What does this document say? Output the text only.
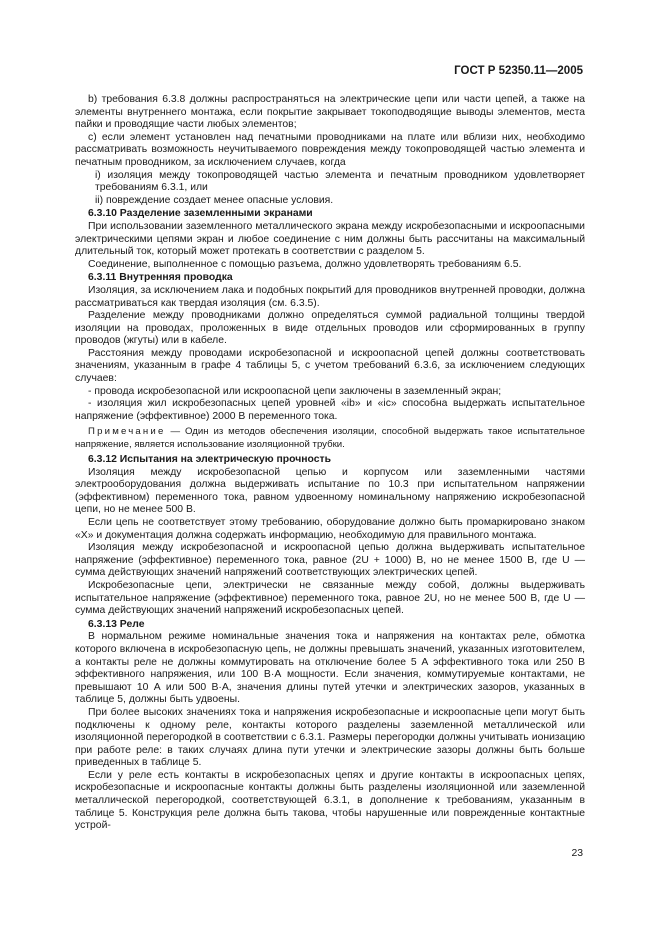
ГОСТ Р 52350.11—2005

b) требования 6.3.8 должны распространяться на электрические цепи или части цепей, а также на элементы внутреннего монтажа, если покрытие закрывает токоподводящие выводы элементов, места пайки и проводящие части любых элементов;

с) если элемент установлен над печатными проводниками на плате или вблизи них, необходимо рассматривать возможность неучитываемого повреждения между токопроводящей частью элемента и печатным проводником, за исключением случаев, когда

i) изоляция между токопроводящей частью элемента и печатным проводником удовлетворяет требованиям 6.3.1, или

ii) повреждение создает менее опасные условия.

6.3.10 Разделение заземленными экранами

При использовании заземленного металлического экрана между искробезопасными и искроопасными электрическими цепями экран и любое соединение с ним должны быть рассчитаны на максимальный длительный ток, который может протекать в соответствии с разделом 5.

Соединение, выполненное с помощью разъема, должно удовлетворять требованиям 6.5.

6.3.11 Внутренняя проводка

Изоляция, за исключением лака и подобных покрытий для проводников внутренней проводки, должна рассматриваться как твердая изоляция (см. 6.3.5).

Разделение между проводниками должно определяться суммой радиальной толщины твердой изоляции на проводах, проложенных в виде отдельных проводов или сформированных в группу проводов (жгуты) или в кабеле.

Расстояния между проводами искробезопасной и искроопасной цепей должны соответствовать значениям, указанным в графе 4 таблицы 5, с учетом требований 6.3.6, за исключением следующих случаев:

- провода искробезопасной или искроопасной цепи заключены в заземленный экран;

- изоляция жил искробезопасных цепей уровней «ib» и «ic» способна выдержать испытательное напряжение (эффективное) 2000 В переменного тока.

Примечание — Один из методов обеспечения изоляции, способной выдержать такое испытательное напряжение, является использование изоляционной трубки.

6.3.12 Испытания на электрическую прочность

Изоляция между искробезопасной цепью и корпусом или заземленными частями электрооборудования должна выдерживать испытание по 10.3 при испытательном напряжении (эффективном) переменного тока, равном удвоенному номинальному напряжению искробезопасной цепи, но не менее 500 В.

Если цепь не соответствует этому требованию, оборудование должно быть промаркировано знаком «X» и документация должна содержать информацию, необходимую для правильного монтажа.

Изоляция между искробезопасной и искроопасной цепью должна выдерживать испытательное напряжение (эффективное) переменного тока, равное (2U + 1000) В, но не менее 1500 В, где U — сумма действующих значений напряжений соответствующих электрических цепей.

Искробезопасные цепи, электрически не связанные между собой, должны выдерживать испытательное напряжение (эффективное) переменного тока, равное 2U, но не менее 500 В, где U — сумма действующих значений напряжений искробезопасных цепей.

6.3.13 Реле

В нормальном режиме номинальные значения тока и напряжения на контактах реле, обмотка которого включена в искробезопасную цепь, не должны превышать значений, указанных изготовителем, а контакты реле не должны коммутировать на отключение более 5 А эффективного тока или 250 В эффективного напряжения, или 100 В·А мощности. Если значения, коммутируемые контактами, не превышают 10 А или 500 В·А, значения длины путей утечки и электрических зазоров, указанных в таблице 5, должны быть удвоены.

При более высоких значениях тока и напряжения искробезопасные и искроопасные цепи могут быть подключены к одному реле, контакты которого разделены заземленной металлической или изоляционной перегородкой в соответствии с 6.3.1. Размеры перегородки должны учитывать ионизацию при работе реле: в таких случаях длина пути утечки и электрические зазоры должны быть больше приведенных в таблице 5.

Если у реле есть контакты в искробезопасных цепях и другие контакты в искроопасных цепях, искробезопасные и искроопасные контакты должны быть разделены изоляционной или заземленной металлической перегородкой, соответствующей 6.3.1, в дополнение к требованиям, указанным в таблице 5. Конструкция реле должна быть такова, чтобы нарушенные или поврежденные контактные устрой-

23
